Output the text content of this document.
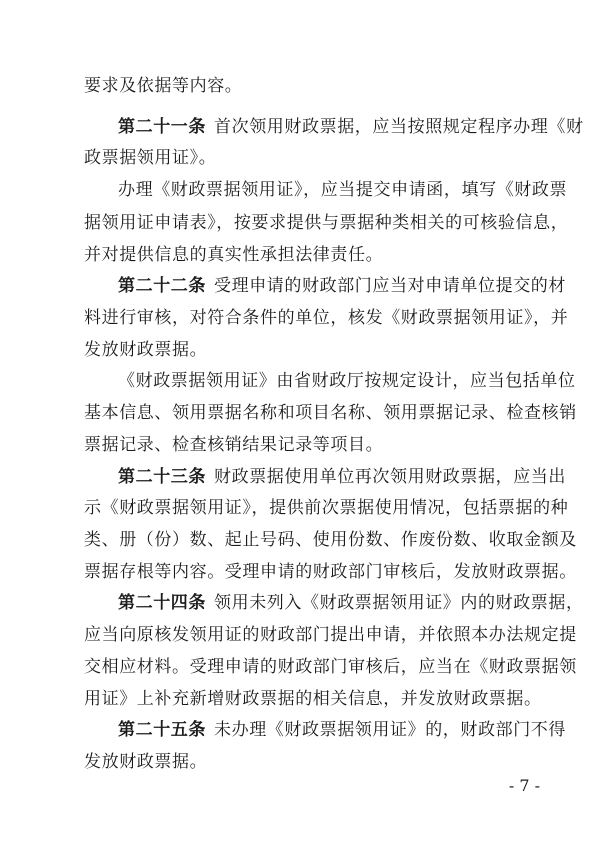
要求及依据等内容。
第二十一条 首次领用财政票据，应当按照规定程序办理《财
政票据领用证》。
办理《财政票据领用证》，应当提交申请函，填写《财政票
据领用证申请表》，按要求提供与票据种类相关的可核验信息，
并对提供信息的真实性承担法律责任。
第二十二条 受理申请的财政部门应当对申请单位提交的材
料进行审核，对符合条件的单位，核发《财政票据领用证》，并
发放财政票据。
《财政票据领用证》由省财政厅按规定设计，应当包括单位
基本信息、领用票据名称和项目名称、领用票据记录、检查核销
票据记录、检查核销结果记录等项目。
第二十三条 财政票据使用单位再次领用财政票据，应当出
示《财政票据领用证》，提供前次票据使用情况，包括票据的种
类、册（份）数、起止号码、使用份数、作废份数、收取金额及
票据存根等内容。受理申请的财政部门审核后，发放财政票据。
第二十四条 领用未列入《财政票据领用证》内的财政票据，
应当向原核发领用证的财政部门提出申请，并依照本办法规定提
交相应材料。受理申请的财政部门审核后，应当在《财政票据领
用证》上补充新增财政票据的相关信息，并发放财政票据。
第二十五条 未办理《财政票据领用证》的，财政部门不得
发放财政票据。
- 7 -
